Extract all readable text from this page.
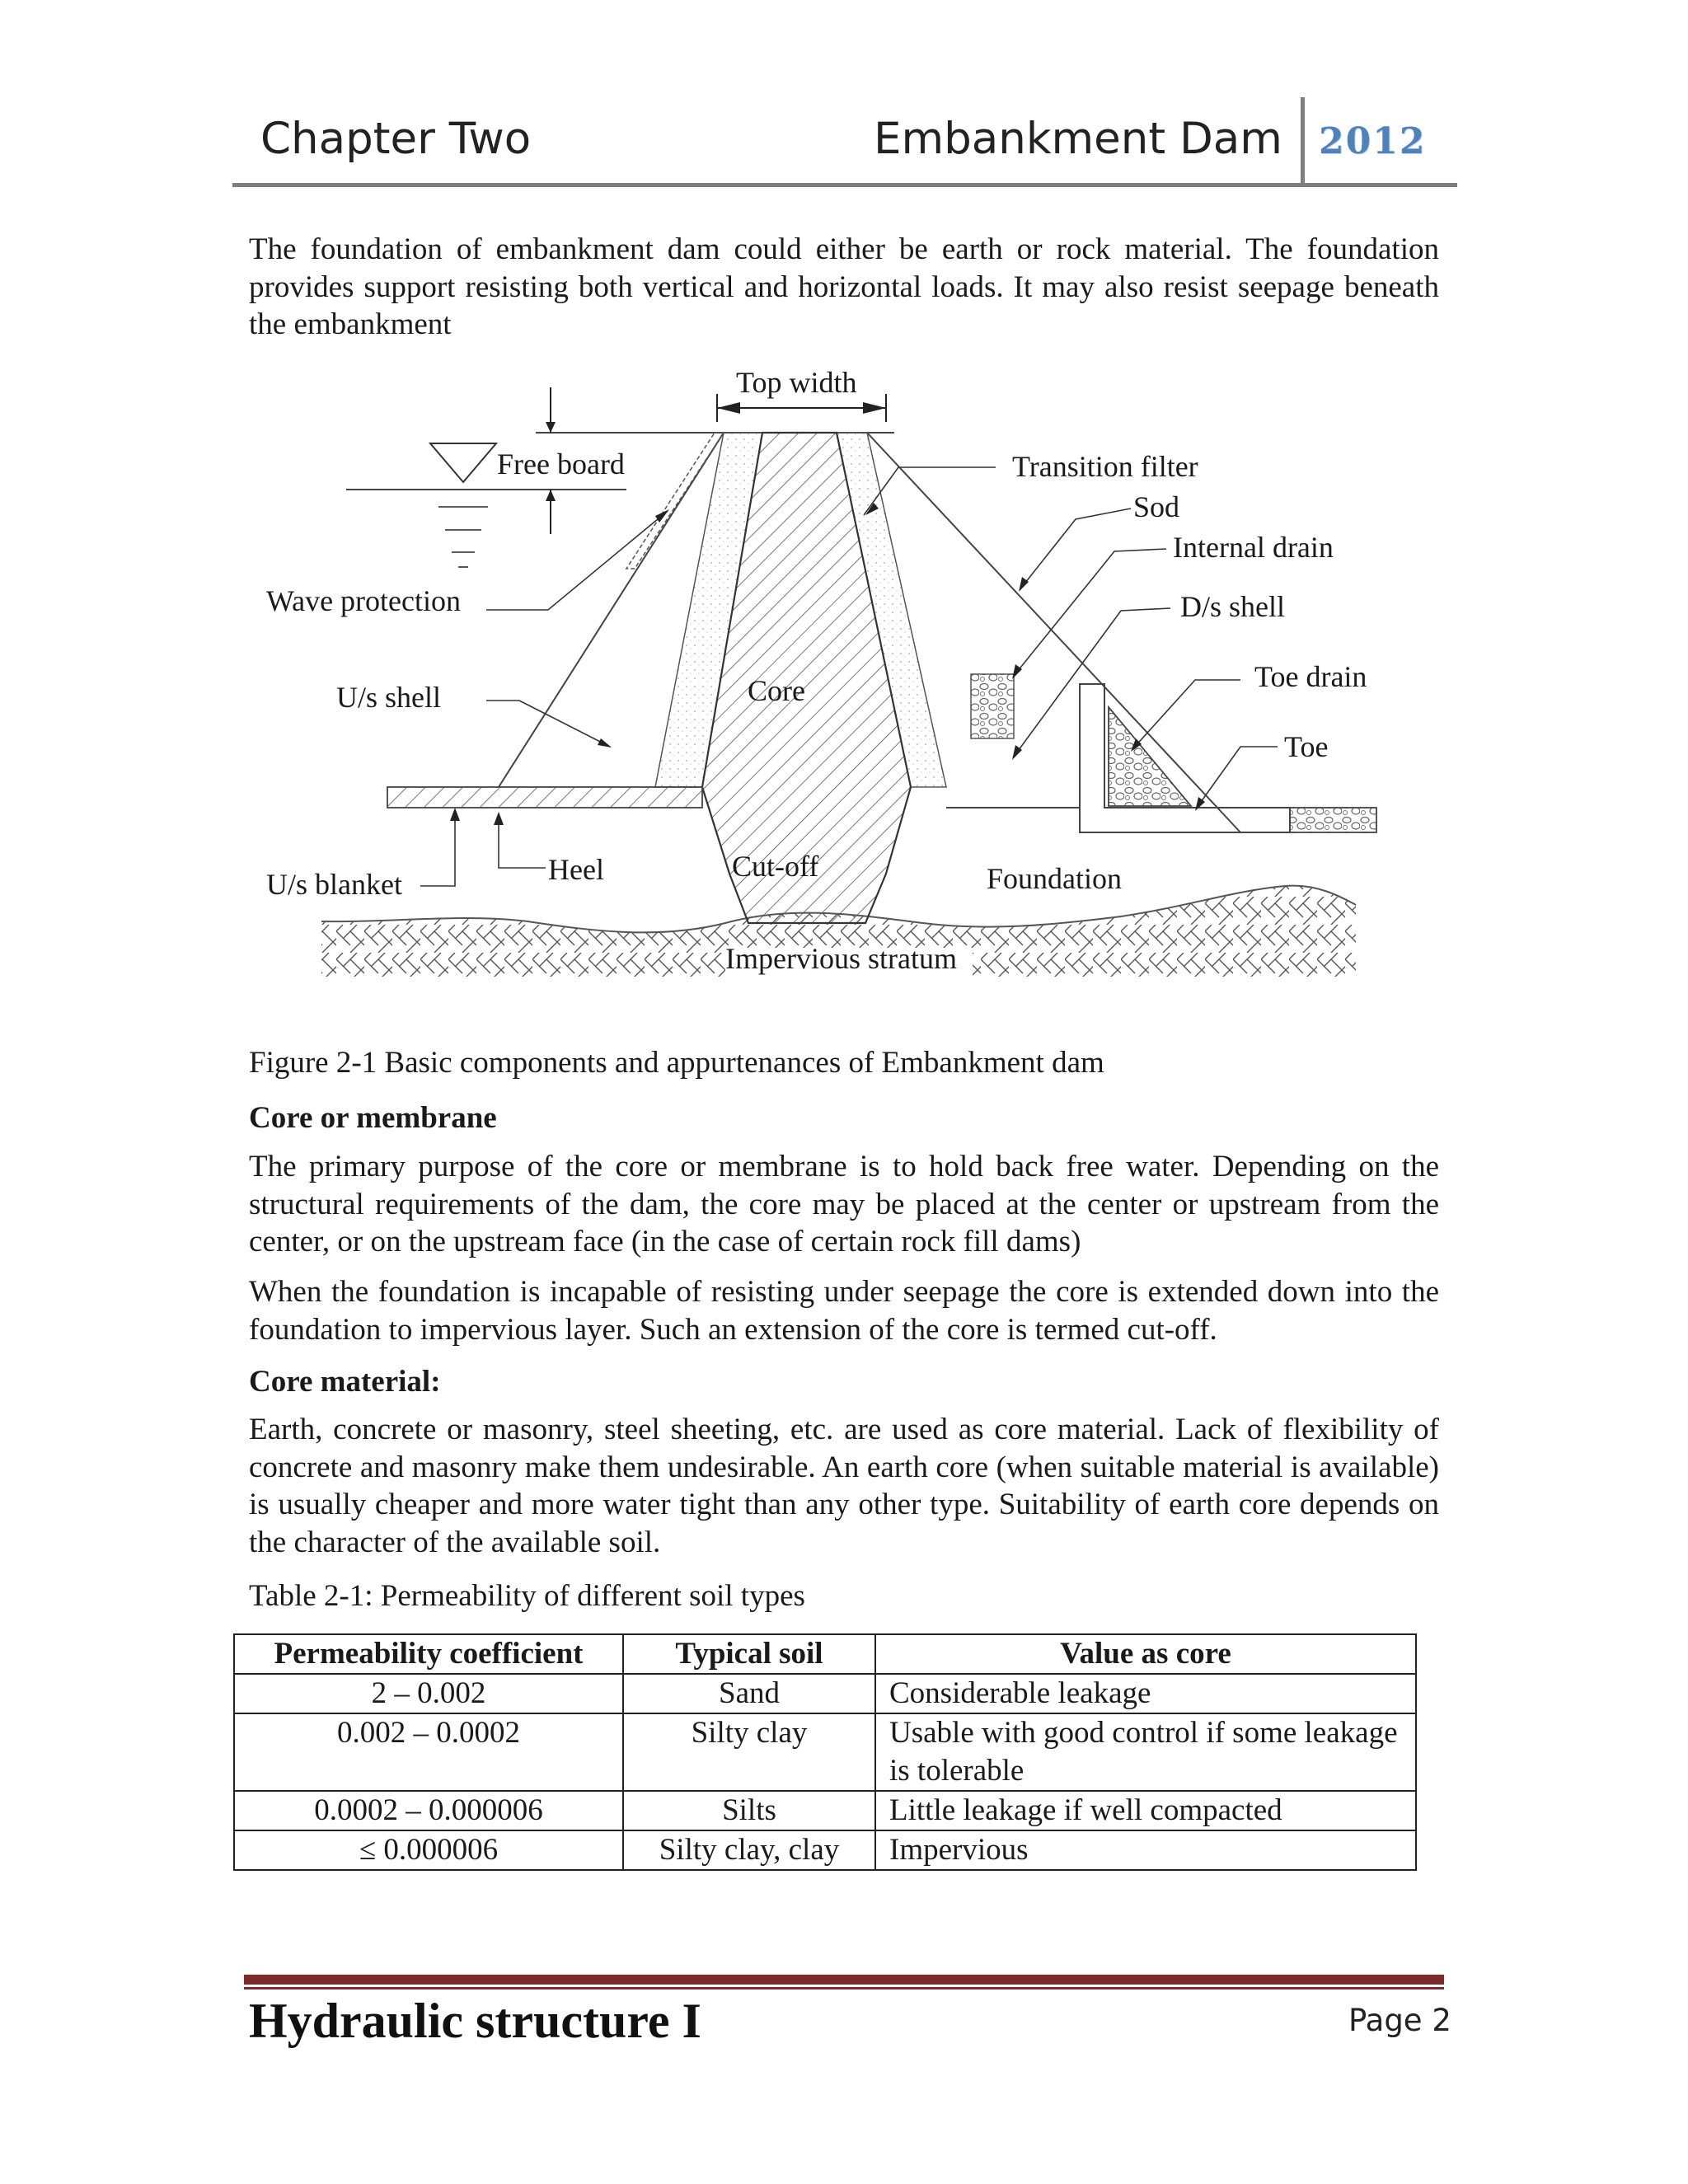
Chapter Two	Embankment Dam 2012
The foundation of embankment dam could either be earth or rock material. The foundation provides support resisting both vertical and horizontal loads. It may also resist seepage beneath the embankment
Top width
Free board	Transition filter
Sod
Internal drain
Wave protection	D/s shell
Toe drain
U/s shell	Core
Toe
U/s blanket	Heel	Cut-off	Foundation
Impervious stratum
Figure 2-1 Basic components and appurtenances of Embankment dam
Core or membrane
The primary purpose of the core or membrane is to hold back free water. Depending on the structural requirements of the dam, the core may be placed at the center or upstream from the center, or on the upstream face (in the case of certain rock fill dams)
When the foundation is incapable of resisting under seepage the core is extended down into the foundation to impervious layer. Such an extension of the core is termed cut-off.
Core material:
Earth, concrete or masonry, steel sheeting, etc. are used as core material. Lack of flexibility of concrete and masonry make them undesirable. An earth core (when suitable material is available) is usually cheaper and more water tight than any other type. Suitability of earth core depends on the character of the available soil.
Table 2-1: Permeability of different soil types
Permeability coefficient	Typical soil	Value as core
2 – 0.002	Sand	Considerable leakage
0.002 – 0.0002	Silty clay	Usable with good control if some leakage is tolerable
0.0002 – 0.000006	Silts	Little leakage if well compacted
≤ 0.000006	Silty clay, clay	Impervious
Hydraulic structure I	Page 2
